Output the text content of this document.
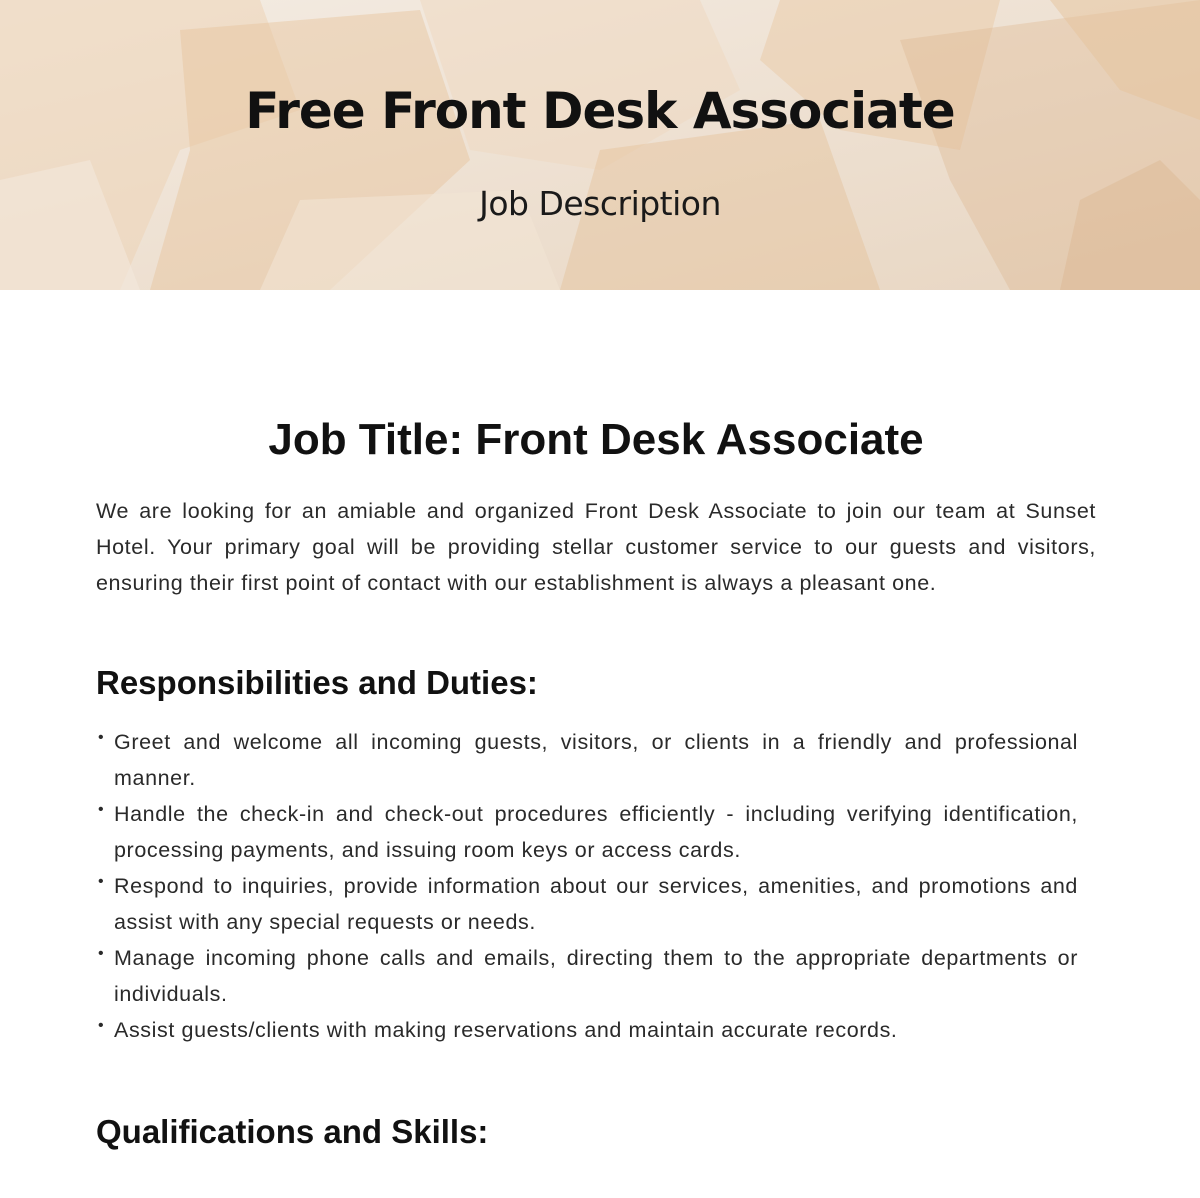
Free Front Desk Associate
Job Description
Job Title: Front Desk Associate

We are looking for an amiable and organized Front Desk Associate to join our team at Sunset Hotel. Your primary goal will be providing stellar customer service to our guests and visitors, ensuring their first point of contact with our establishment is always a pleasant one.

Responsibilities and Duties:
• Greet and welcome all incoming guests, visitors, or clients in a friendly and professional manner.
• Handle the check-in and check-out procedures efficiently - including verifying identification, processing payments, and issuing room keys or access cards.
• Respond to inquiries, provide information about our services, amenities, and promotions and assist with any special requests or needs.
• Manage incoming phone calls and emails, directing them to the appropriate departments or individuals.
• Assist guests/clients with making reservations and maintain accurate records.
Qualifications and Skills:
